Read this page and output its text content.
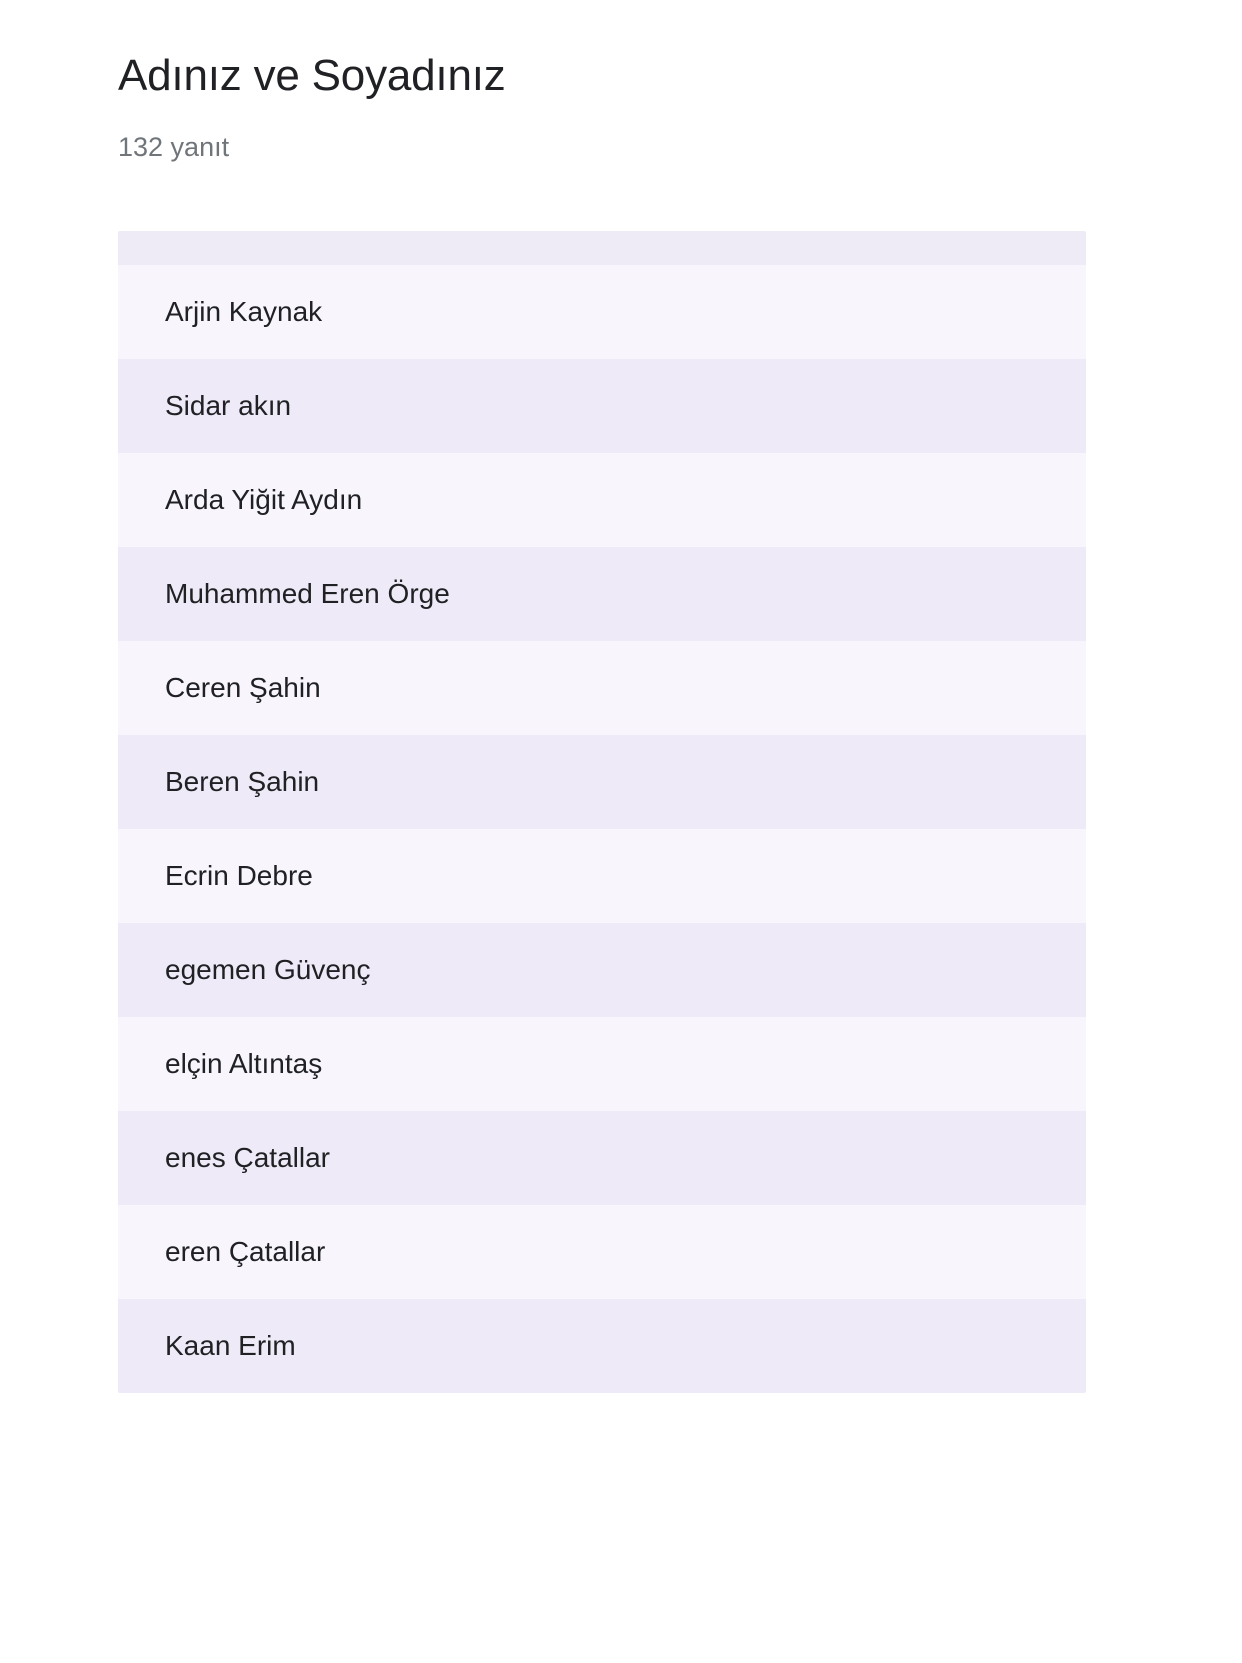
Adınız ve Soyadınız
132 yanıt
Arjin Kaynak
Sidar akın
Arda Yiğit Aydın
Muhammed Eren Örge
Ceren Şahin
Beren Şahin
Ecrin Debre
egemen Güvenç
elçin Altıntaş
enes Çatallar
eren Çatallar
Kaan Erim
